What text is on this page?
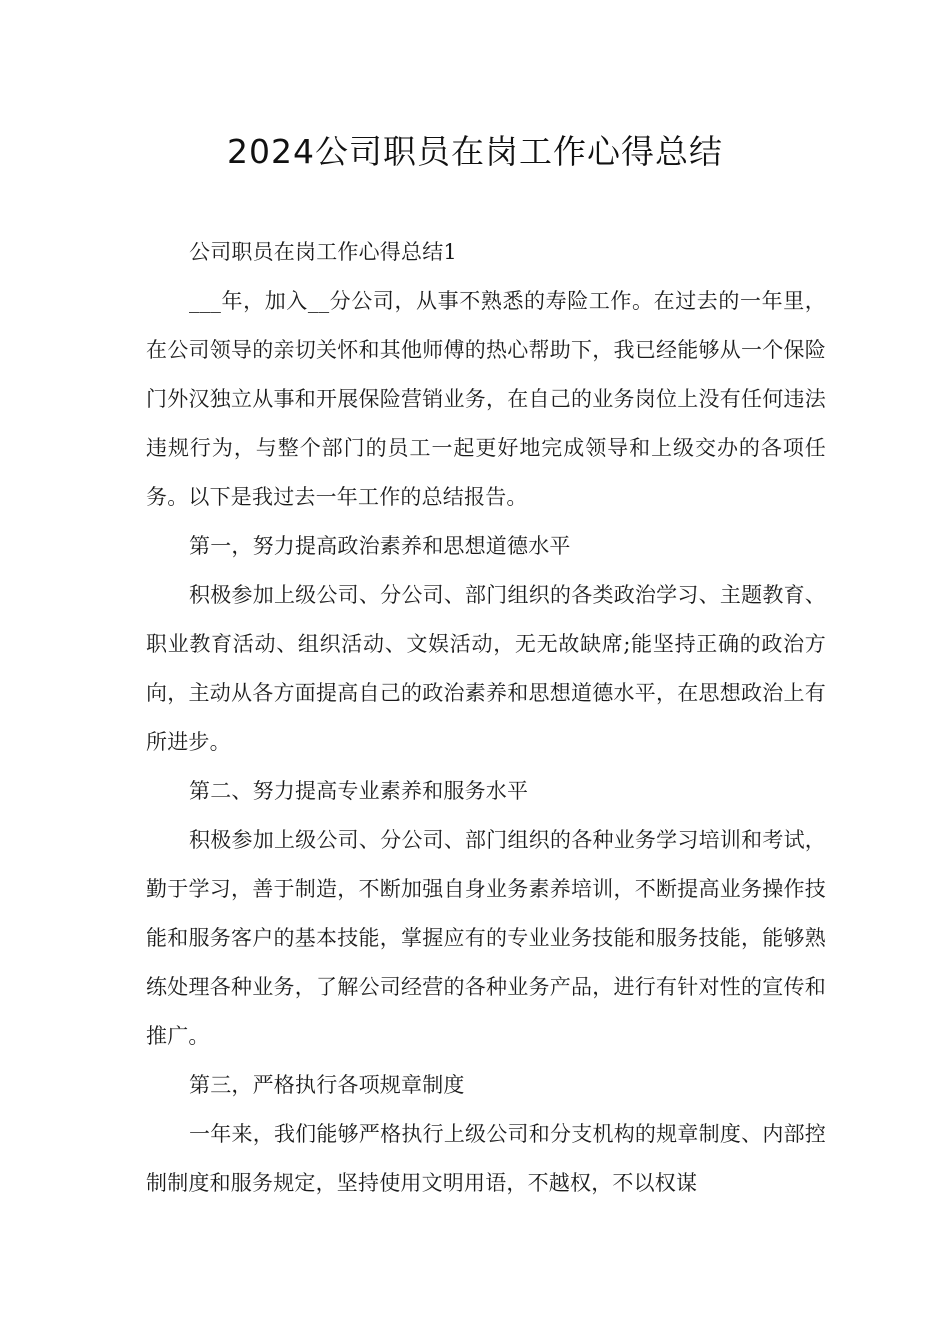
2024公司职员在岗工作心得总结

公司职员在岗工作心得总结1

___年，加入__分公司，从事不熟悉的寿险工作。在过去的一年里，在公司领导的亲切关怀和其他师傅的热心帮助下，我已经能够从一个保险门外汉独立从事和开展保险营销业务，在自己的业务岗位上没有任何违法违规行为，与整个部门的员工一起更好地完成领导和上级交办的各项任务。以下是我过去一年工作的总结报告。

第一，努力提高政治素养和思想道德水平

积极参加上级公司、分公司、部门组织的各类政治学习、主题教育、职业教育活动、组织活动、文娱活动，无无故缺席;能坚持正确的政治方向，主动从各方面提高自己的政治素养和思想道德水平，在思想政治上有所进步。

第二、努力提高专业素养和服务水平

积极参加上级公司、分公司、部门组织的各种业务学习培训和考试，勤于学习，善于制造，不断加强自身业务素养培训，不断提高业务操作技能和服务客户的基本技能，掌握应有的专业业务技能和服务技能，能够熟练处理各种业务，了解公司经营的各种业务产品，进行有针对性的宣传和推广。

第三，严格执行各项规章制度

一年来，我们能够严格执行上级公司和分支机构的规章制度、内部控制制度和服务规定，坚持使用文明用语，不越权，不以权谋
